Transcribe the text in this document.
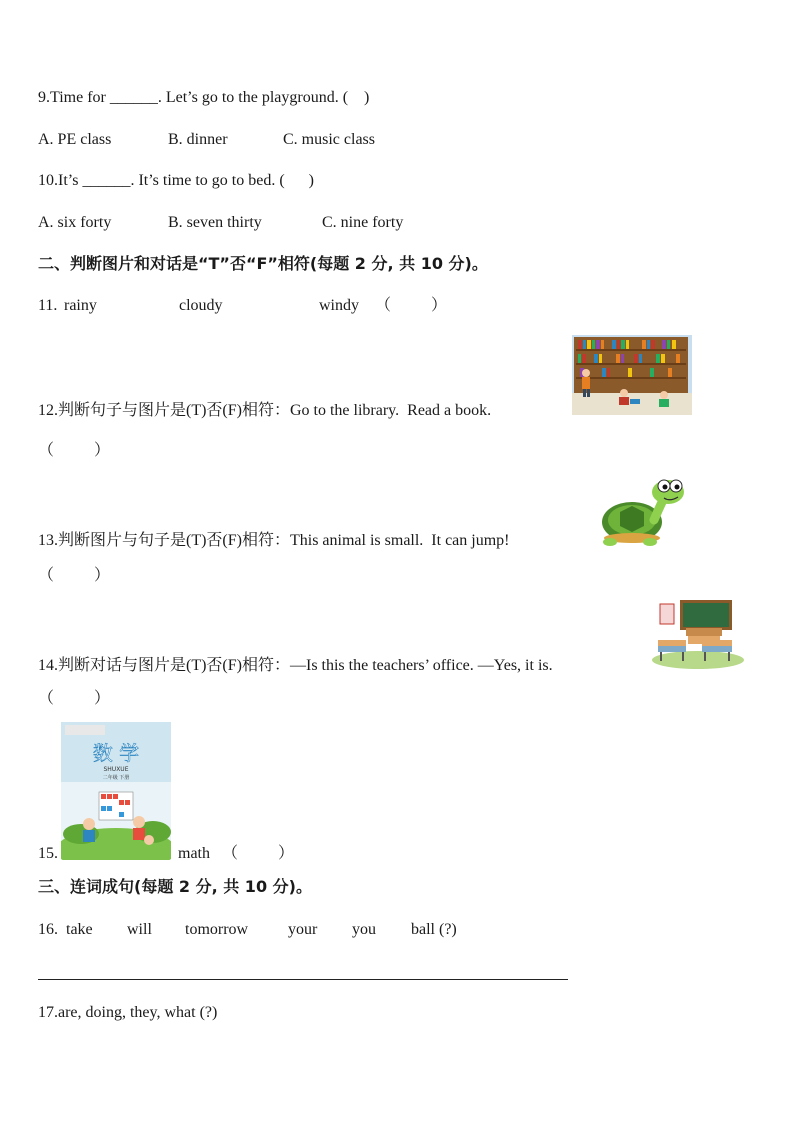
9.Time for ______. Let’s go to the playground. (    )
A. PE class	B. dinner	C. music class
10.It’s ______. It’s time to go to bed. (      )
A. six forty	B. seven thirty	C. nine forty
二、判断图片和对话是“T”否“F”相符(每题 2 分, 共 10 分)。
11. rainy	cloudy	windy （          ）
12.判断句子与图片是(T)否(F)相符：Go to the library.  Read a book.
（          ）
13.判断图片与句子是(T)否(F)相符：This animal is small.  It can jump!
（          ）
14.判断对话与图片是(T)否(F)相符：—Is this the teachers’ office. —Yes, it is.
（          ）
15.
数 学
SHUXUE
二年级 下册
math （          ）
三、连词成句(每题 2 分, 共 10 分)。
16. take will tomorrow your you ball (?)
17.are, doing, they, what (?)
